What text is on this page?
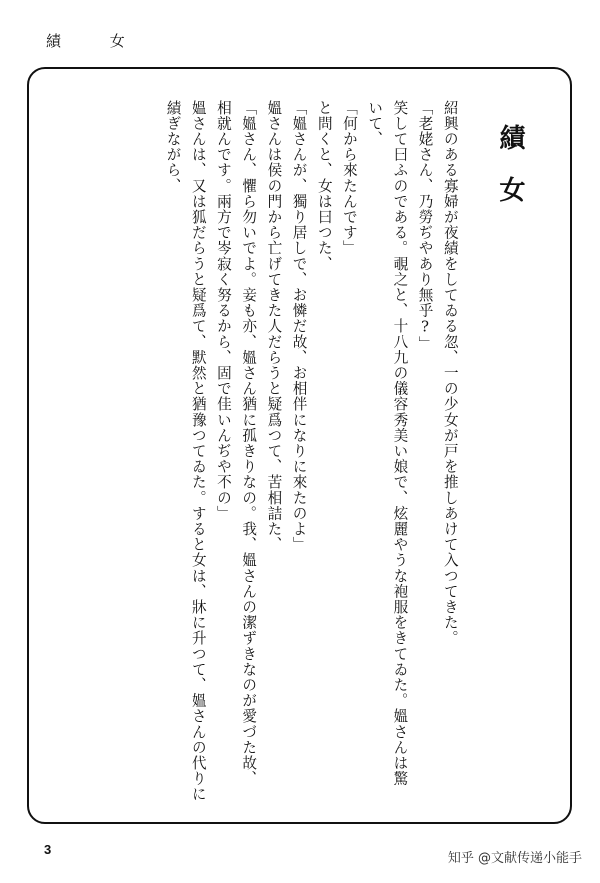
績 女
績女
紹興のある寡婦が夜績をしてゐる忽、一の少女が戸を推しあけて入つてきた。
「老姥さん、乃勞ぢやあり無乎?」
笑して曰ふのである。覗之と、十八九の儀容秀美い娘で、炫麗やうな袍服をきてゐた。媼さんは驚
いて、
「何から來たんです」
と問くと、女は曰つた、
「媼さんが、獨り居しで、お憐だ故、お相伴になりに來たのよ」
媼さんは侯の門から亡げてきた人だらうと疑爲つて、苦相詰た、
「媼さん、懼ら勿いでよ。妾も亦、媼さん猶に孤きりなの。我、媼さんの潔ずきなのが愛づた故、
相就んです。兩方で岑寂く努るから、固で佳いんぢや不の」
媼さんは、又は狐だらうと疑爲て、默然と猶豫つてゐた。すると女は、牀に升つて、媼さんの代りに
績ぎながら、
3
知乎 @文献传递小能手
